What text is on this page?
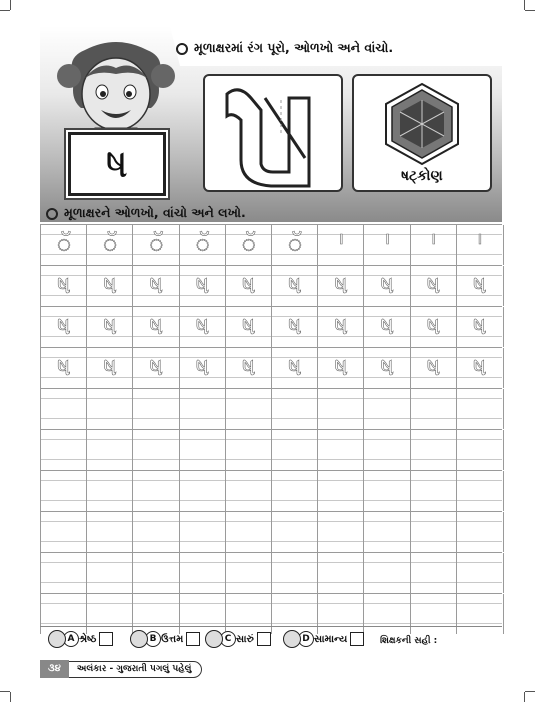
મૂળાક્ષરમાં રંગ પૂરો, ઓળખો અને વાંચો.
ષ	ષટ્કોણ
મૂળાક્ષરને ઓળખો, વાંચો અને લખો.
ॅ	ॅ	ॅ	ॅ	ॅ	ॅ	ᑊ	ᑊ	ᑊ	ᑊ
ષ	ષ	ષ	ષ	ષ	ષ	ષ	ષ	ષ	ષ
ષ	ષ	ષ	ષ	ષ	ષ	ષ	ષ	ષ	ષ
ષ	ષ	ષ	ષ	ષ	ષ	ષ	ષ	ષ	ષ
A શ્રેષ્ઠ	B ઉત્તમ	C સારું	D સામાન્ય	શિક્ષકની સહી :
૩૪	અલંકાર - ગુજરાતી પગલું પહેલું
